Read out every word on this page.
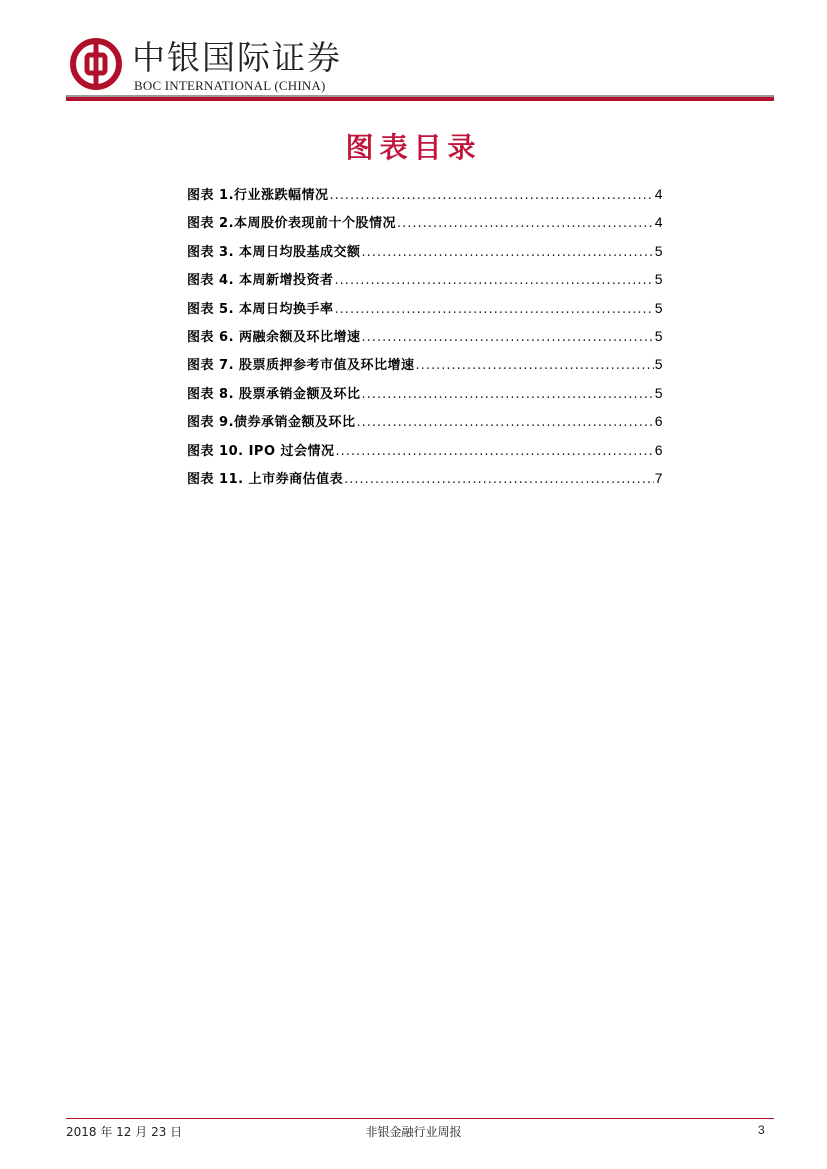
中银国际证券
BOC INTERNATIONAL (CHINA)
图表目录
图表 1.行业涨跌幅情况 .....	4
图表 2.本周股价表现前十个股情况 .....	4
图表 3. 本周日均股基成交额 .....	5
图表 4. 本周新增投资者 .....	5
图表 5. 本周日均换手率 .....	5
图表 6. 两融余额及环比增速 .....	5
图表 7. 股票质押参考市值及环比增速 .....	5
图表 8. 股票承销金额及环比 .....	5
图表 9.债券承销金额及环比 .....	6
图表 10. IPO 过会情况 .....	6
图表 11. 上市券商估值表 .....	7
2018 年 12 月 23 日	非银金融行业周报	3
